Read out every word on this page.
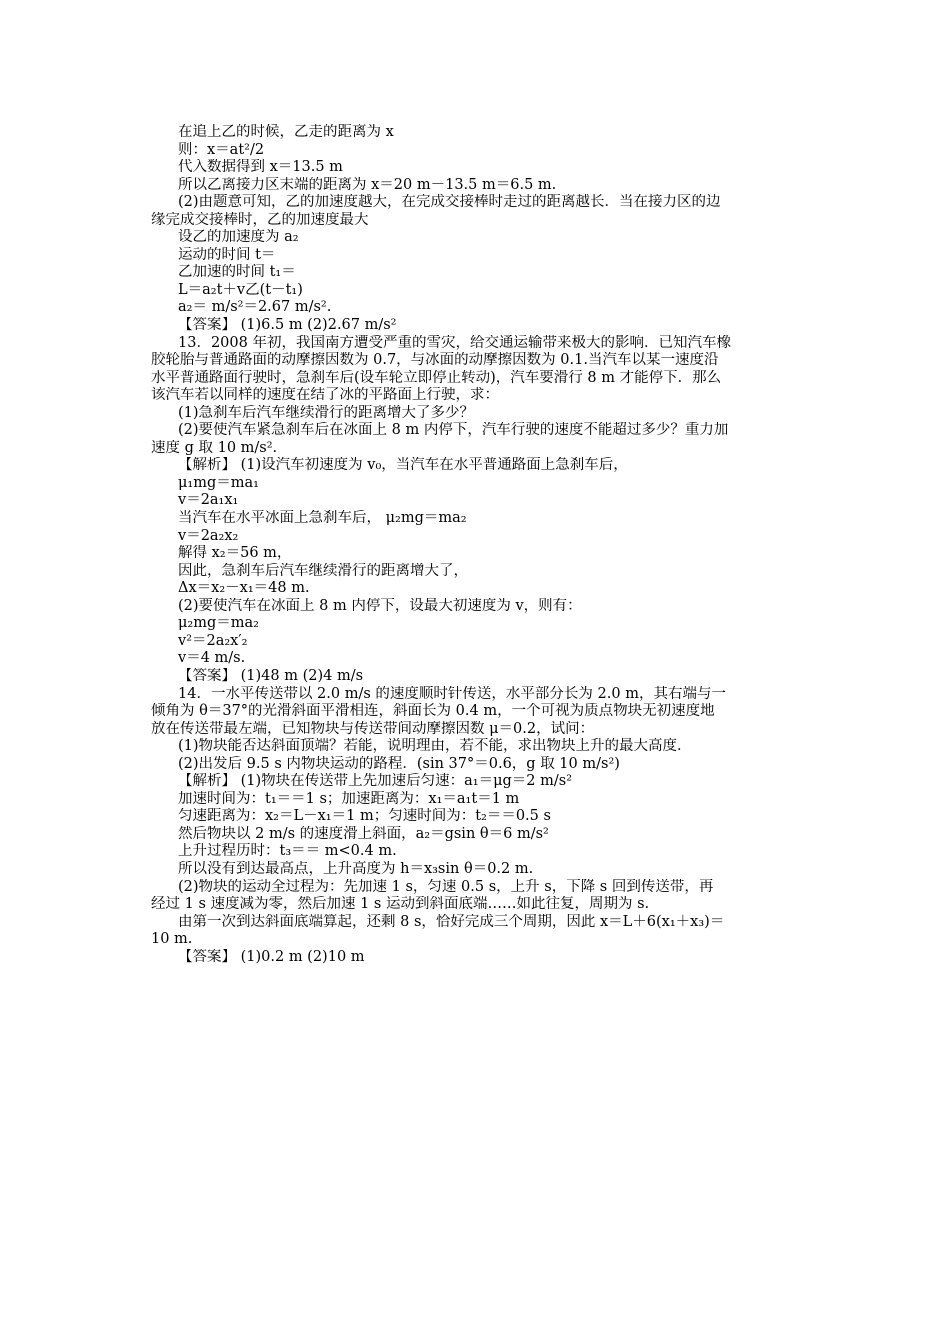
在追上乙的时候，乙走的距离为 x
则：x＝at²/2
代入数据得到 x＝13.5 m
所以乙离接力区末端的距离为 x＝20 m－13.5 m＝6.5 m.
(2)由题意可知，乙的加速度越大，在完成交接棒时走过的距离越长．当在接力区的边
缘完成交接棒时，乙的加速度最大
设乙的加速度为 a₂
运动的时间 t＝
乙加速的时间 t₁＝
L＝a₂t＋v乙(t－t₁)
a₂＝ m/s²＝2.67 m/s².
【答案】 (1)6.5 m (2)2.67 m/s²
13．2008 年初，我国南方遭受严重的雪灾，给交通运输带来极大的影响．已知汽车橡
胶轮胎与普通路面的动摩擦因数为 0.7，与冰面的动摩擦因数为 0.1.当汽车以某一速度沿
水平普通路面行驶时，急刹车后(设车轮立即停止转动)，汽车要滑行 8 m 才能停下．那么
该汽车若以同样的速度在结了冰的平路面上行驶，求：
(1)急刹车后汽车继续滑行的距离增大了多少？
(2)要使汽车紧急刹车后在冰面上 8 m 内停下，汽车行驶的速度不能超过多少？重力加
速度 g 取 10 m/s².
【解析】 (1)设汽车初速度为 v₀，当汽车在水平普通路面上急刹车后，
μ₁mg＝ma₁
v＝2a₁x₁
当汽车在水平冰面上急刹车后， μ₂mg＝ma₂
v＝2a₂x₂
解得 x₂＝56 m，
因此，急刹车后汽车继续滑行的距离增大了，
Δx＝x₂－x₁＝48 m.
(2)要使汽车在冰面上 8 m 内停下，设最大初速度为 v，则有：
μ₂mg＝ma₂
v²＝2a₂x′₂
v＝4 m/s.
【答案】 (1)48 m (2)4 m/s
14．一水平传送带以 2.0 m/s 的速度顺时针传送，水平部分长为 2.0 m，其右端与一
倾角为 θ＝37°的光滑斜面平滑相连，斜面长为 0.4 m，一个可视为质点物块无初速度地
放在传送带最左端，已知物块与传送带间动摩擦因数 μ＝0.2，试问：
(1)物块能否达斜面顶端？若能，说明理由，若不能，求出物块上升的最大高度．
(2)出发后 9.5 s 内物块运动的路程．(sin 37°＝0.6，g 取 10 m/s²)
【解析】 (1)物块在传送带上先加速后匀速：a₁＝μg＝2 m/s²
加速时间为：t₁＝＝1 s；加速距离为：x₁＝a₁t＝1 m
匀速距离为：x₂＝L－x₁＝1 m；匀速时间为：t₂＝＝0.5 s
然后物块以 2 m/s 的速度滑上斜面，a₂＝gsin θ＝6 m/s²
上升过程历时：t₃＝＝ m<0.4 m.
所以没有到达最高点，上升高度为 h＝x₃sin θ＝0.2 m.
(2)物块的运动全过程为：先加速 1 s，匀速 0.5 s，上升 s，下降 s 回到传送带，再
经过 1 s 速度减为零，然后加速 1 s 运动到斜面底端……如此往复，周期为 s.
由第一次到达斜面底端算起，还剩 8 s，恰好完成三个周期，因此 x＝L＋6(x₁＋x₃)＝
10 m.
【答案】 (1)0.2 m (2)10 m
